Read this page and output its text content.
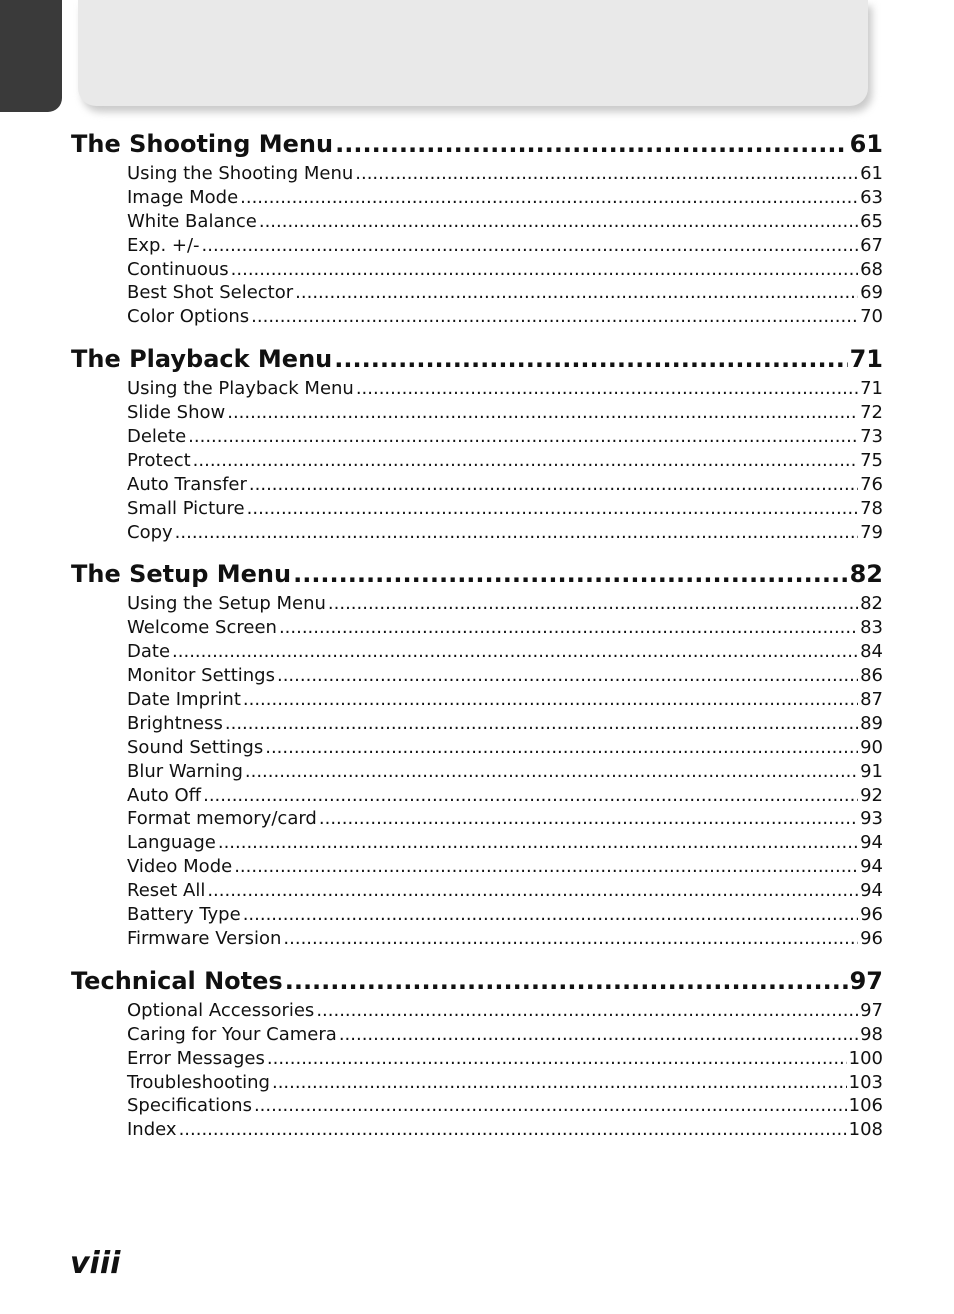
The Shooting Menu .....	61
Using the Shooting Menu .....	61
Image Mode .....	63
White Balance .....	65
Exp. +/- .....	67
Continuous .....	68
Best Shot Selector .....	69
Color Options .....	70
The Playback Menu .....	71
Using the Playback Menu .....	71
Slide Show .....	72
Delete .....	73
Protect .....	75
Auto Transfer .....	76
Small Picture .....	78
Copy .....	79
The Setup Menu .....	82
Using the Setup Menu .....	82
Welcome Screen .....	83
Date .....	84
Monitor Settings .....	86
Date Imprint .....	87
Brightness .....	89
Sound Settings .....	90
Blur Warning .....	91
Auto Off .....	92
Format memory/card .....	93
Language .....	94
Video Mode .....	94
Reset All .....	94
Battery Type .....	96
Firmware Version .....	96
Technical Notes .....	97
Optional Accessories .....	97
Caring for Your Camera .....	98
Error Messages .....	100
Troubleshooting .....	103
Specifications .....	106
Index .....	108
viii
